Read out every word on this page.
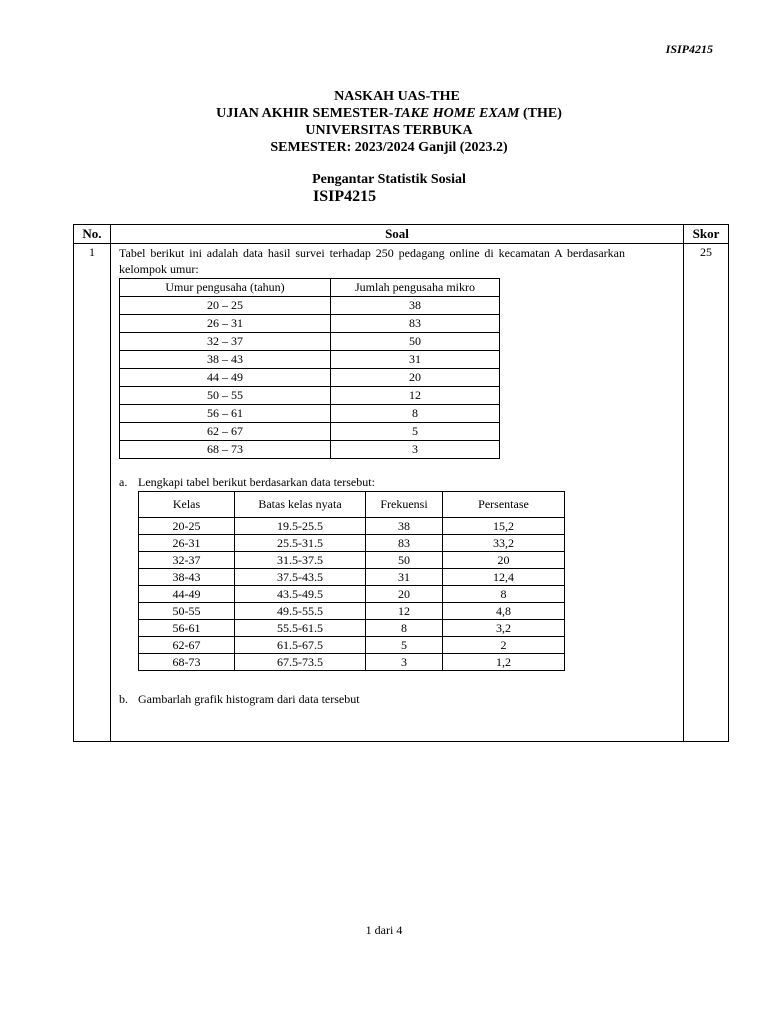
ISIP4215
NASKAH UAS-THE
UJIAN AKHIR SEMESTER-TAKE HOME EXAM (THE)
UNIVERSITAS TERBUKA
SEMESTER: 2023/2024 Ganjil (2023.2)
Pengantar Statistik Sosial
ISIP4215
No.	Soal	Skor
1	Tabel berikut ini adalah data hasil survei terhadap 250 pedagang online di kecamatan A berdasarkan kelompok umur:
Umur pengusaha (tahun)	Jumlah pengusaha mikro
20 – 25	38
26 – 31	83
32 – 37	50
38 – 43	31
44 – 49	20
50 – 55	12
56 – 61	8
62 – 67	5
68 – 73	3
a. Lengkapi tabel berikut berdasarkan data tersebut:
Kelas	Batas kelas nyata	Frekuensi	Persentase
20-25	19.5-25.5	38	15,2
26-31	25.5-31.5	83	33,2
32-37	31.5-37.5	50	20
38-43	37.5-43.5	31	12,4
44-49	43.5-49.5	20	8
50-55	49.5-55.5	12	4,8
56-61	55.5-61.5	8	3,2
62-67	61.5-67.5	5	2
68-73	67.5-73.5	3	1,2
b. Gambarlah grafik histogram dari data tersebut
	25
1 dari 4
